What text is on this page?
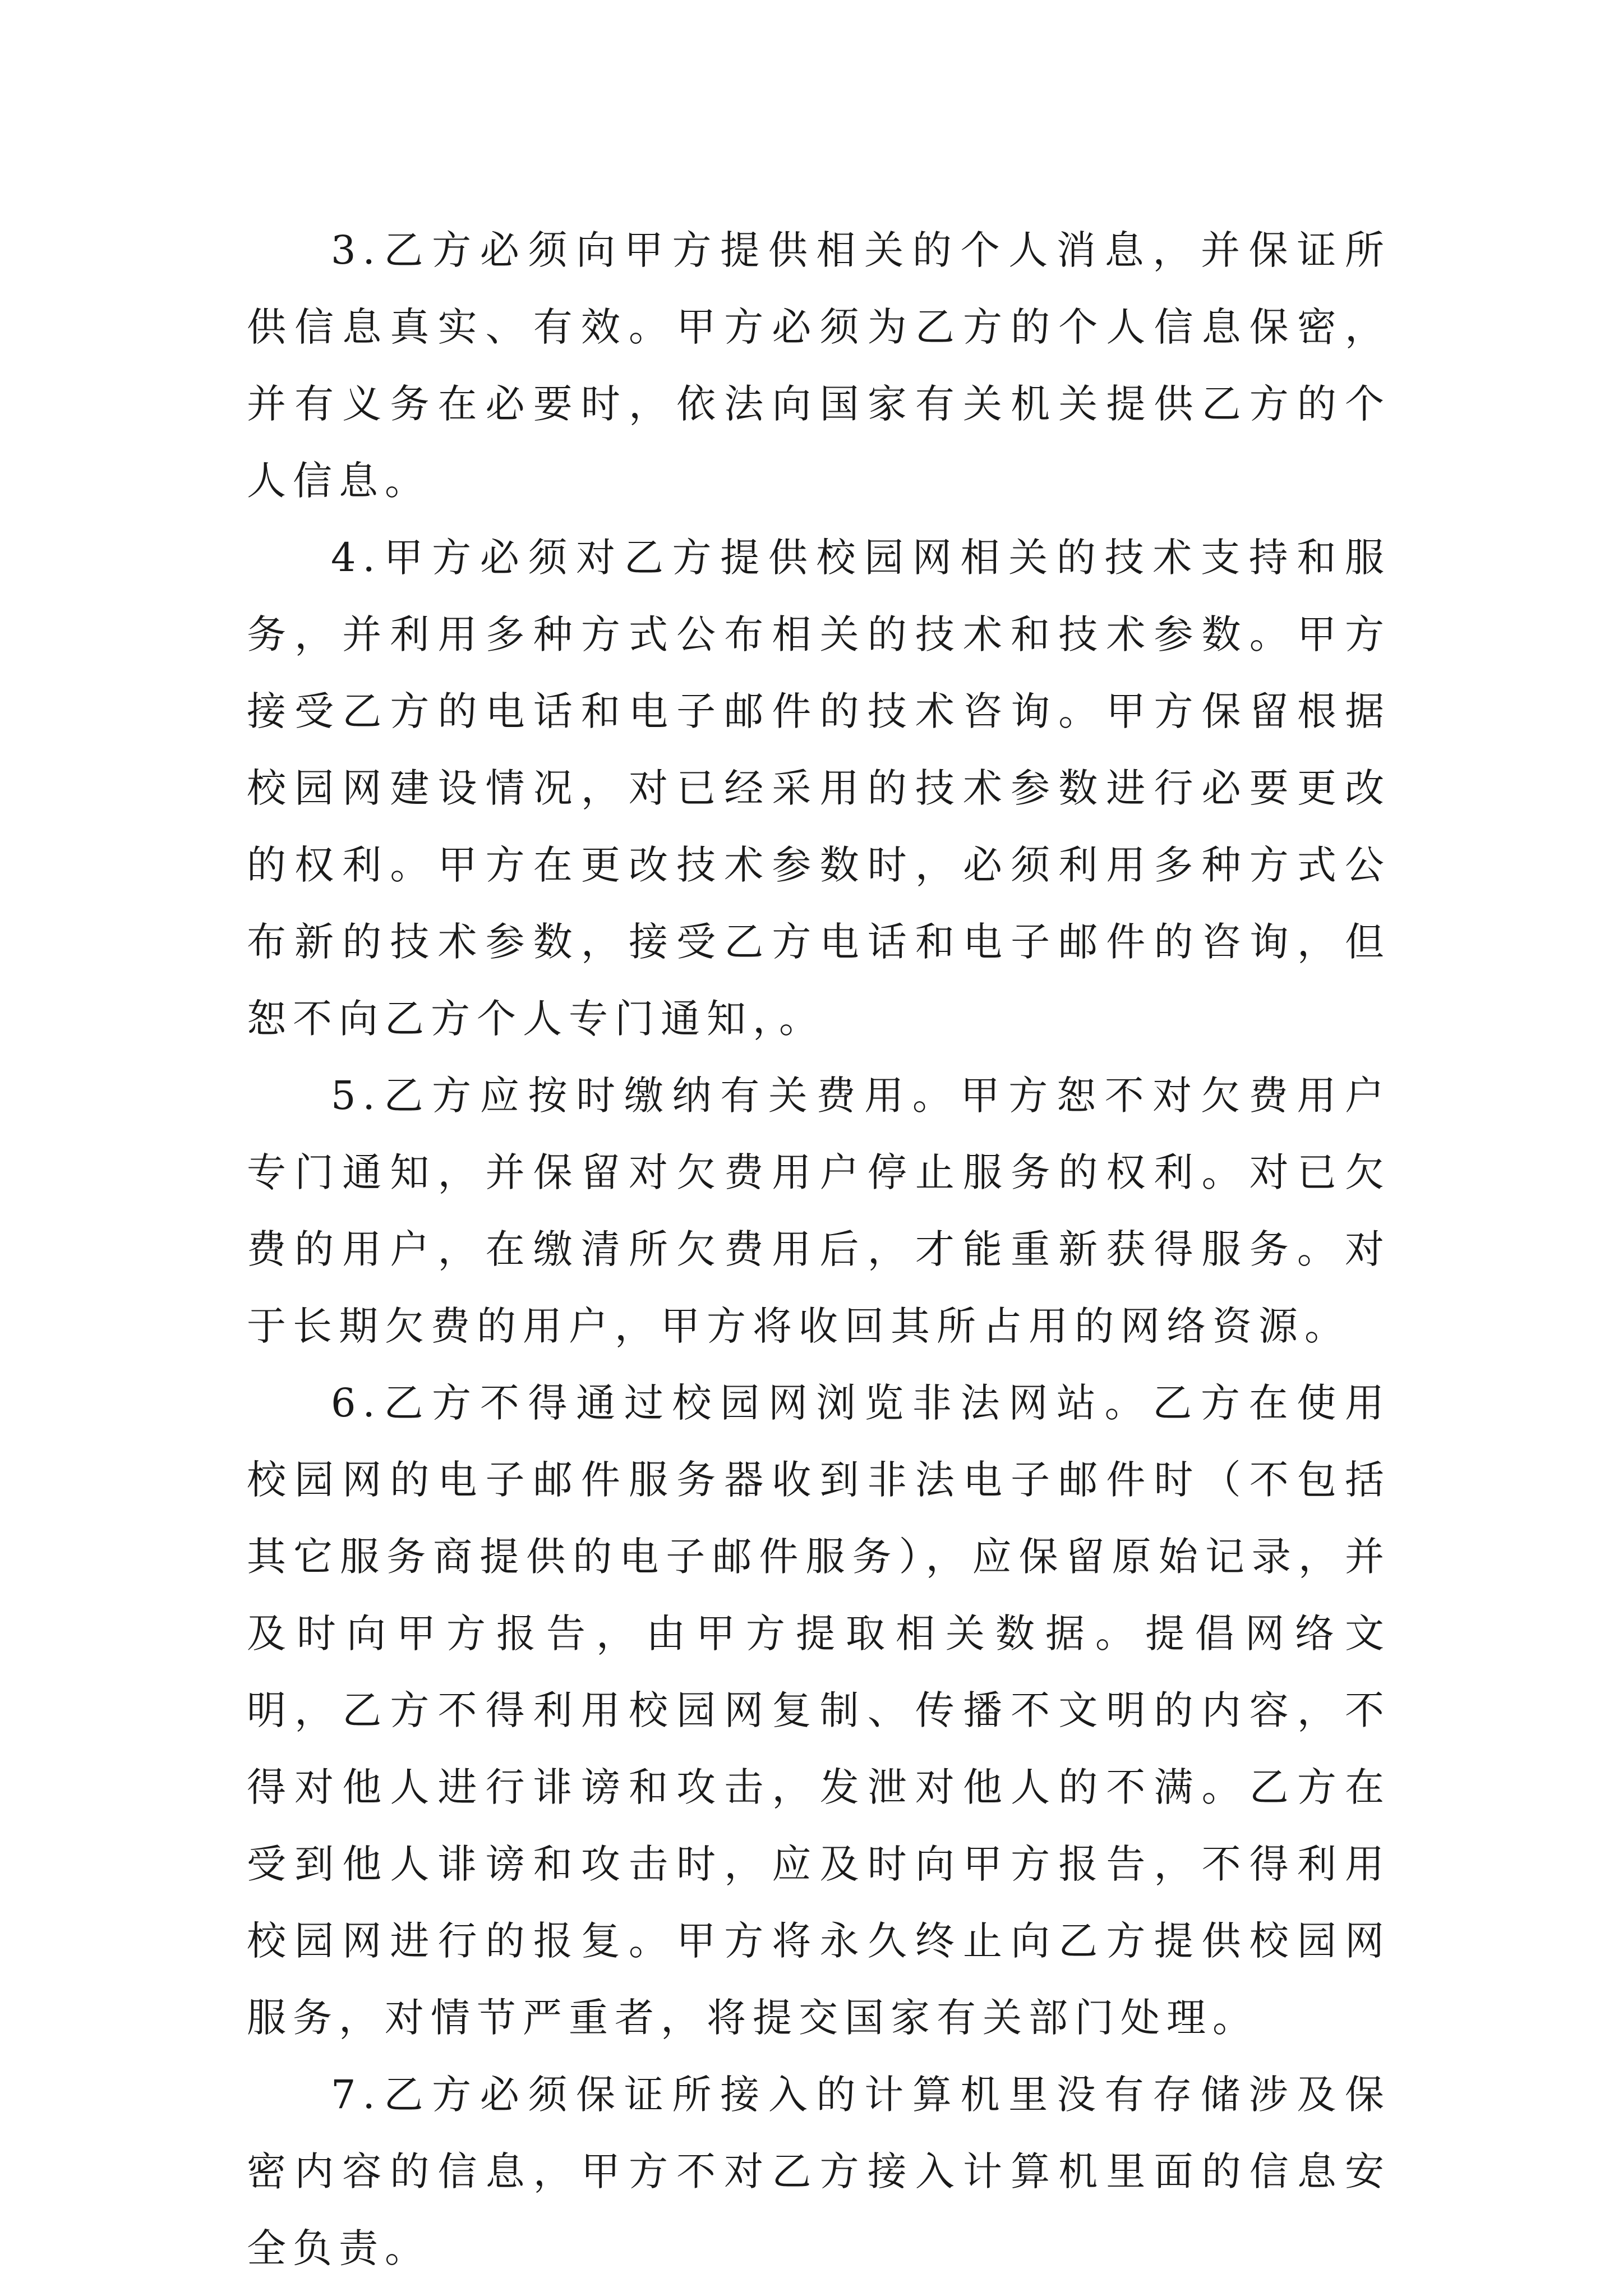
3.乙方必须向甲方提供相关的个人消息，并保证所供信息真实、有效。甲方必须为乙方的个人信息保密，并有义务在必要时，依法向国家有关机关提供乙方的个人信息。

4.甲方必须对乙方提供校园网相关的技术支持和服务，并利用多种方式公布相关的技术和技术参数。甲方接受乙方的电话和电子邮件的技术咨询。甲方保留根据校园网建设情况，对已经采用的技术参数进行必要更改的权利。甲方在更改技术参数时，必须利用多种方式公布新的技术参数，接受乙方电话和电子邮件的咨询，但恕不向乙方个人专门通知，。

5.乙方应按时缴纳有关费用。甲方恕不对欠费用户专门通知，并保留对欠费用户停止服务的权利。对已欠费的用户，在缴清所欠费用后，才能重新获得服务。对于长期欠费的用户，甲方将收回其所占用的网络资源。

6.乙方不得通过校园网浏览非法网站。乙方在使用校园网的电子邮件服务器收到非法电子邮件时（不包括其它服务商提供的电子邮件服务），应保留原始记录，并及时向甲方报告，由甲方提取相关数据。提倡网络文明，乙方不得利用校园网复制、传播不文明的内容，不得对他人进行诽谤和攻击，发泄对他人的不满。乙方在受到他人诽谤和攻击时，应及时向甲方报告，不得利用校园网进行的报复。甲方将永久终止向乙方提供校园网服务，对情节严重者，将提交国家有关部门处理。

7.乙方必须保证所接入的计算机里没有存储涉及保密内容的信息，甲方不对乙方接入计算机里面的信息安全负责。
